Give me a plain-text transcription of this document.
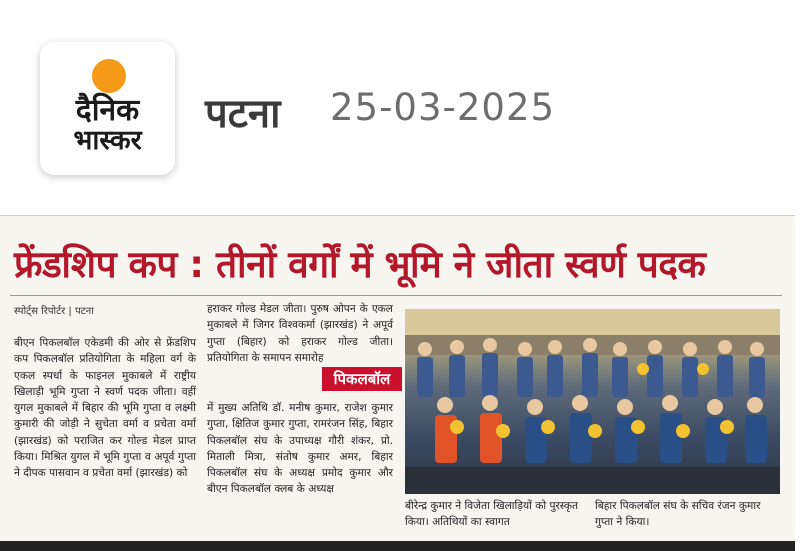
दैनिक
भास्कर
पटना 25-03-2025
फ्रेंडशिप कप : तीनों वर्गों में भूमि ने जीता स्वर्ण पदक
स्पोर्ट्स रिपोर्टर | पटना
बीएन पिकलबॉल एकेडमी की ओर से फ्रेंडशिप कप पिकलबॉल प्रतियोगिता के महिला वर्ग के एकल स्पर्धा के फाइनल मुकाबले में राष्ट्रीय खिलाड़ी भूमि गुप्ता ने स्वर्ण पदक जीता। वहीं युगल मुकाबले में बिहार की भूमि गुप्ता व लक्ष्मी कुमारी की जोड़ी ने सुचेता वर्मा व प्रचेता वर्मा (झारखंड) को पराजित कर गोल्ड मेडल प्राप्त किया। मिश्रित युगल में भूमि गुप्ता व अपूर्व गुप्ता ने दीपक पासवान व प्रचेता वर्मा (झारखंड) को
हराकर गोल्ड मेडल जीता। पुरुष ओपन के एकल मुकाबले में जिगर विश्वकर्मा (झारखंड) ने अपूर्व गुप्ता (बिहार) को हराकर गोल्ड जीता। प्रतियोगिता के समापन समारोह
पिकलबॉल
में मुख्य अतिथि डॉ. मनीष कुमार, राजेश कुमार गुप्ता, क्षितिज कुमार गुप्ता, रामरंजन सिंह, बिहार पिकलबॉल संघ के उपाध्यक्ष गौरी शंकर, प्रो. मिताली मित्रा, संतोष कुमार अमर, बिहार पिकलबॉल संघ के अध्यक्ष प्रमोद कुमार और बीएन पिकलबॉल क्लब के अध्यक्ष
बीरेन्द्र कुमार ने विजेता खिलाड़ियों को पुरस्कृत किया। अतिथियों का स्वागत
बिहार पिकलबॉल संघ के सचिव रंजन कुमार गुप्ता ने किया।
